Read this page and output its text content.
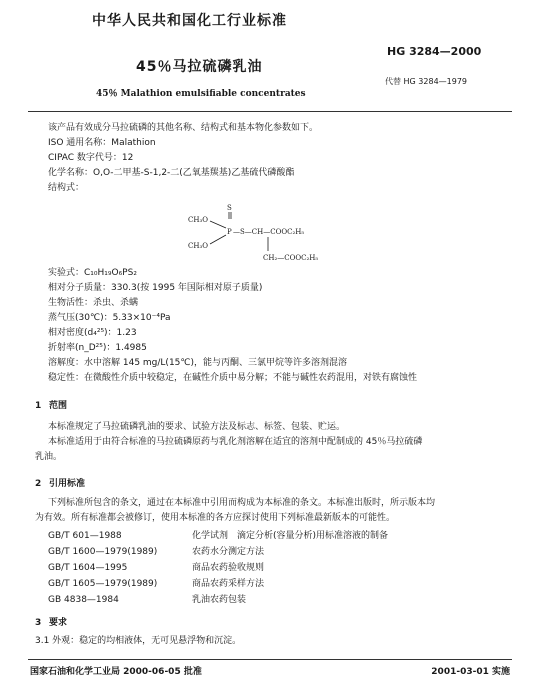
中华人民共和国化工行业标准
HG 3284—2000
45％马拉硫磷乳油
代替 HG 3284—1979
45％ Malathion emulsifiable concentrates
该产品有效成分马拉硫磷的其他名称、结构式和基本物化参数如下。
ISO 通用名称：Malathion
CIPAC 数字代号：12
化学名称：O,O-二甲基-S-1,2-二(乙氧基羰基)乙基硫代磷酸酯
结构式：
S
CH₃O
P —S—CH—COOC₂H₅
CH₃O
CH₂—COOC₂H₅
实验式：C₁₀H₁₉O₆PS₂
相对分子质量：330.3(按 1995 年国际相对原子质量)
生物活性：杀虫、杀螨
蒸气压(30℃)：5.33×10⁻⁴Pa
相对密度(d₄²⁵)：1.23
折射率(n_D²⁵)：1.4985
溶解度：水中溶解 145 mg/L(15℃)，能与丙酮、三氯甲烷等许多溶剂混溶
稳定性：在微酸性介质中较稳定，在碱性介质中易分解；不能与碱性农药混用，对铁有腐蚀性
1 范围
本标准规定了马拉硫磷乳油的要求、试验方法及标志、标签、包装、贮运。
本标准适用于由符合标准的马拉硫磷原药与乳化剂溶解在适宜的溶剂中配制成的 45％马拉硫磷
乳油。
2 引用标准
下列标准所包含的条文，通过在本标准中引用而构成为本标准的条文。本标准出版时，所示版本均
为有效。所有标准都会被修订，使用本标准的各方应探讨使用下列标准最新版本的可能性。
GB/T 601—1988	化学试剂　滴定分析(容量分析)用标准溶液的制备
GB/T 1600—1979(1989)	农药水分测定方法
GB/T 1604—1995	商品农药验收规则
GB/T 1605—1979(1989)	商品农药采样方法
GB 4838—1984	乳油农药包装
3 要求
3.1 外观：稳定的均相液体，无可见悬浮物和沉淀。
国家石油和化学工业局 2000-06-05 批准	2001-03-01 实施
